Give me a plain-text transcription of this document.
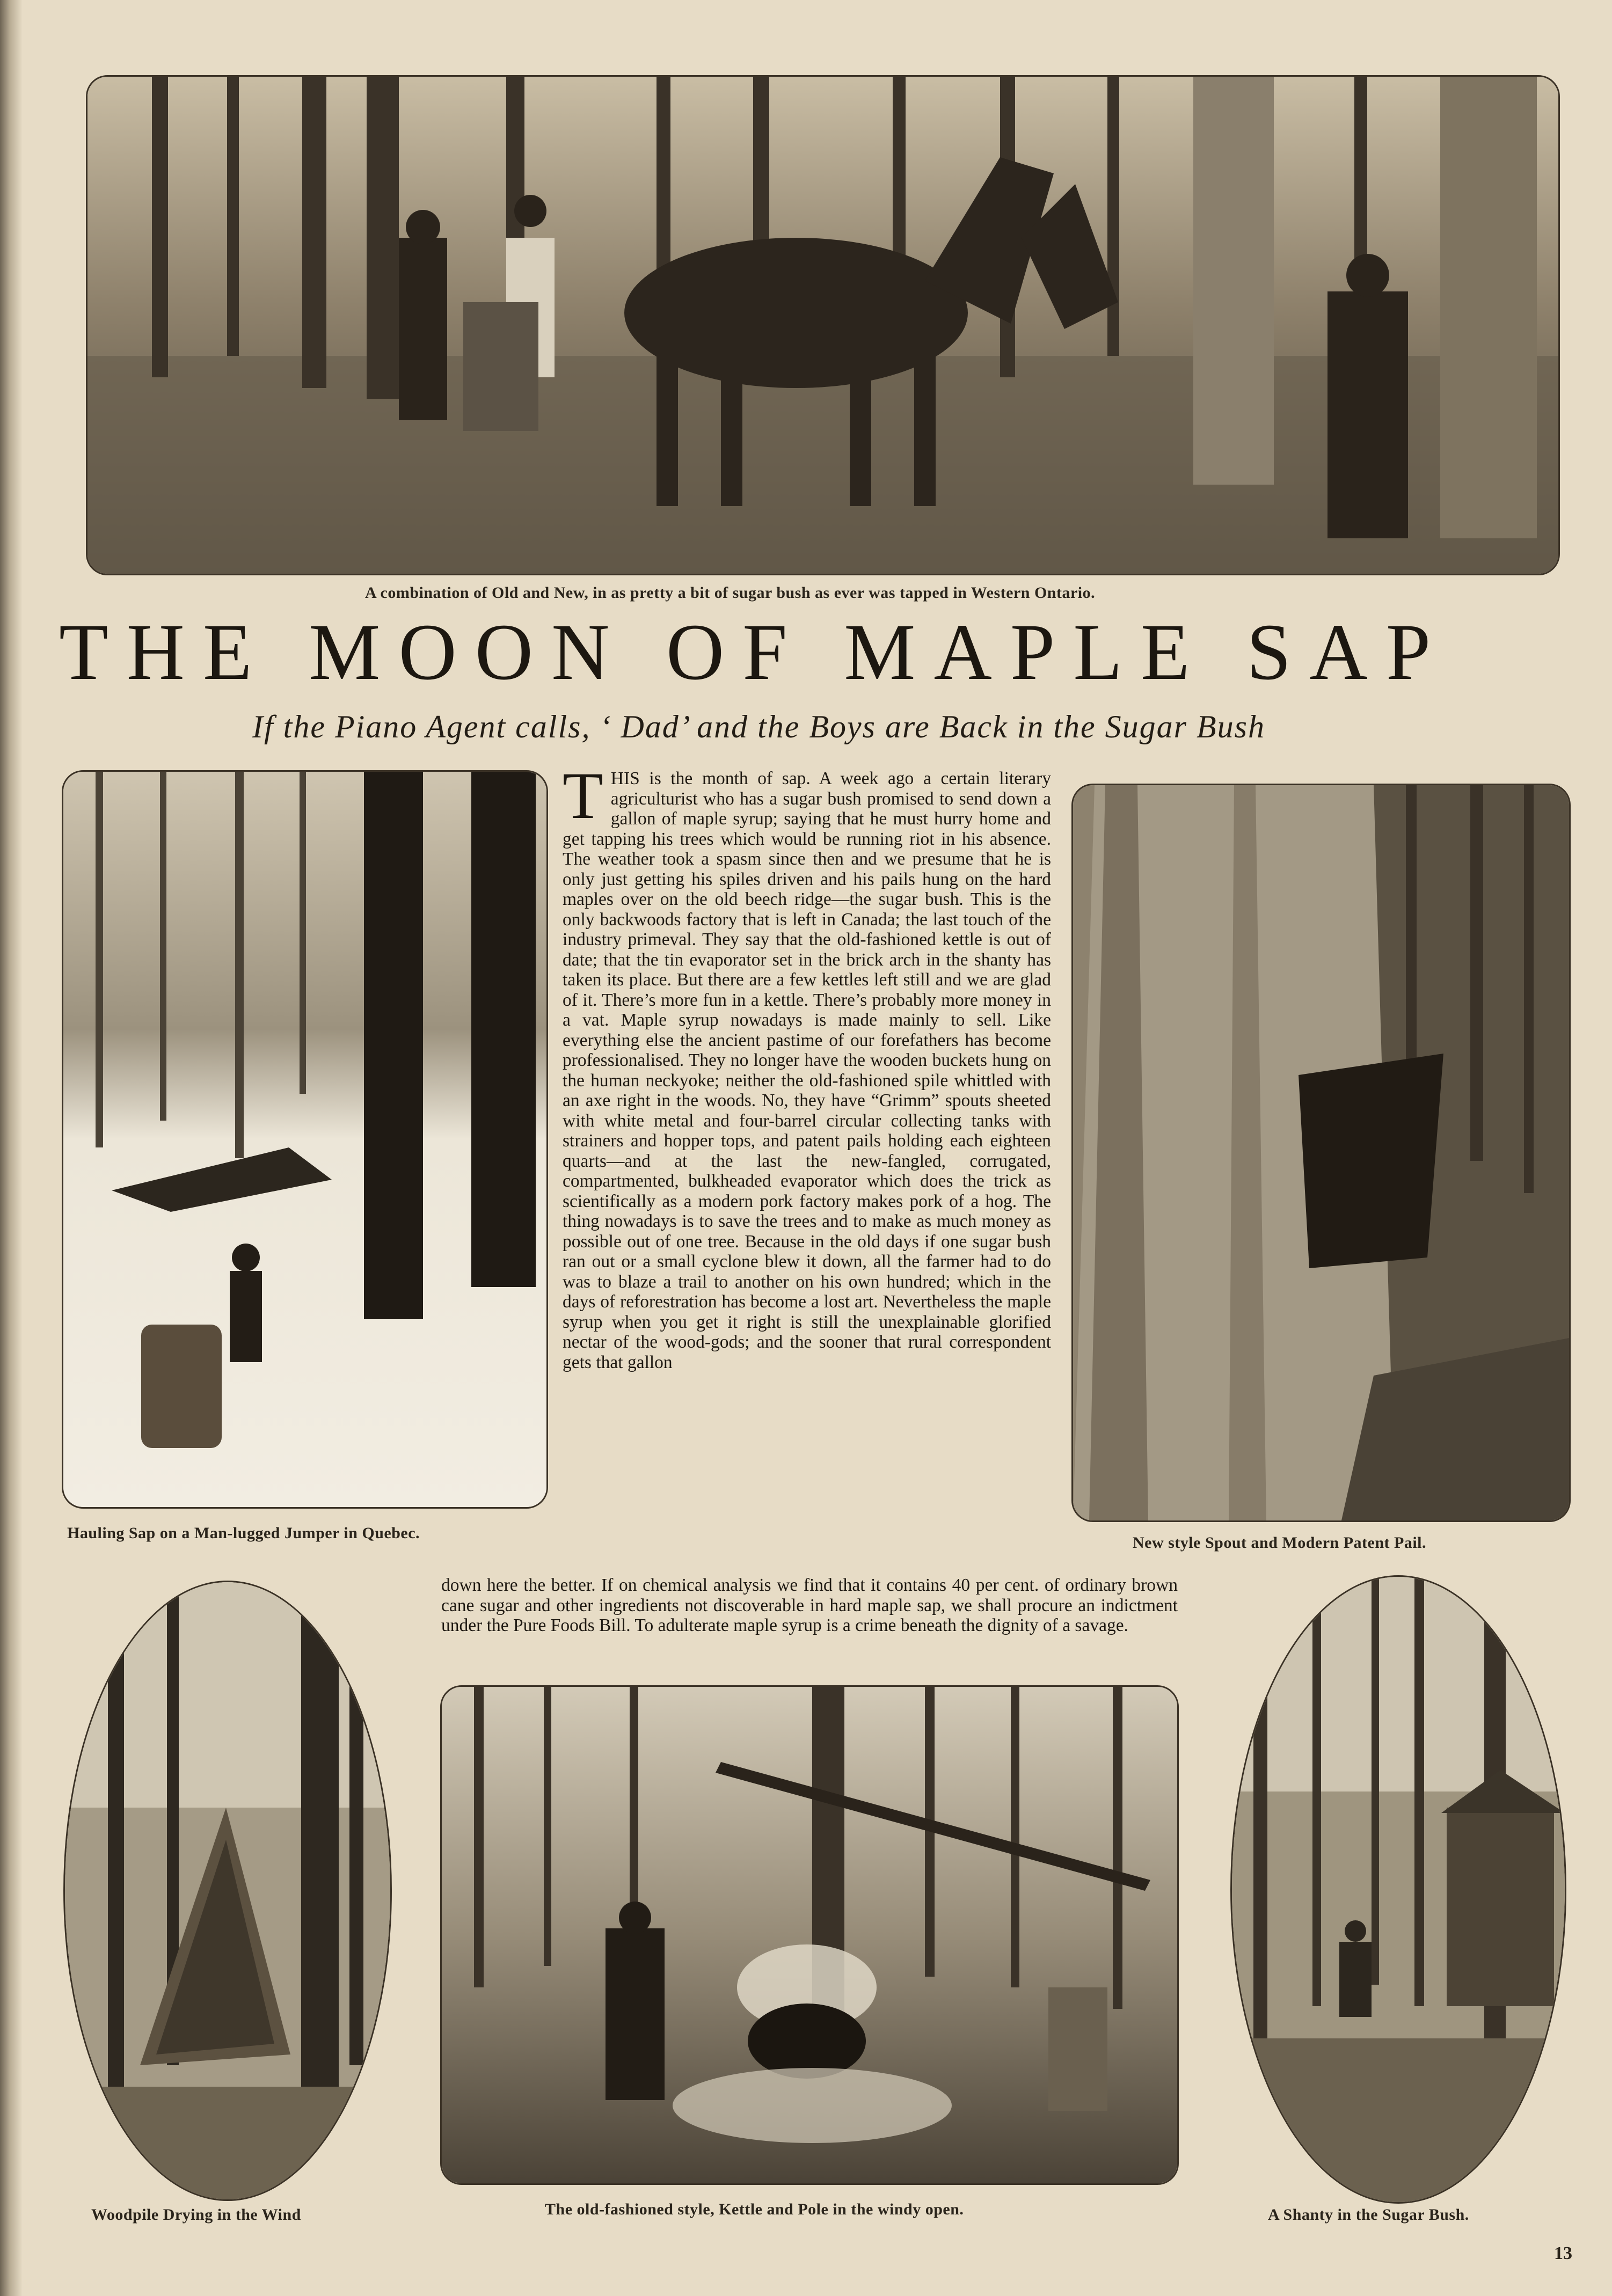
A combination of Old and New, in as pretty a bit of sugar bush as ever was tapped in Western Ontario.
THE MOON OF MAPLE SAP
If the Piano Agent calls, ‘ Dad’ and the Boys are Back in the Sugar Bush
Hauling Sap on a Man-lugged Jumper in Quebec.
THIS is the month of sap. A week ago a certain literary agriculturist who has a sugar bush promised to send down a gallon of maple syrup; saying that he must hurry home and get tapping his trees which would be running riot in his absence. The weather took a spasm since then and we presume that he is only just getting his spiles driven and his pails hung on the hard maples over on the old beech ridge—the sugar bush. This is the only backwoods factory that is left in Canada; the last touch of the industry primeval. They say that the old-fashioned kettle is out of date; that the tin evaporator set in the brick arch in the shanty has taken its place. But there are a few kettles left still and we are glad of it. There’s more fun in a kettle. There’s probably more money in a vat. Maple syrup nowadays is made mainly to sell. Like everything else the ancient pastime of our forefathers has become professionalised. They no longer have the wooden buckets hung on the human neckyoke; neither the old-fashioned spile whittled with an axe right in the woods. No, they have “Grimm” spouts sheeted with white metal and four-barrel circular collecting tanks with strainers and hopper tops, and patent pails holding each eighteen quarts—and at the last the new-fangled, corrugated, compartmented, bulkheaded evaporator which does the trick as scientifically as a modern pork factory makes pork of a hog. The thing nowadays is to save the trees and to make as much money as possible out of one tree. Because in the old days if one sugar bush ran out or a small cyclone blew it down, all the farmer had to do was to blaze a trail to another on his own hundred; which in the days of reforestration has become a lost art. Nevertheless the maple syrup when you get it right is still the unexplainable glorified nectar of the wood-gods; and the sooner that rural correspondent gets that gallon
down here the better. If on chemical analysis we find that it contains 40 per cent. of ordinary brown cane sugar and other ingredients not discoverable in hard maple sap, we shall procure an indictment under the Pure Foods Bill. To adulterate maple syrup is a crime beneath the dignity of a savage.
New style Spout and Modern Patent Pail.
Woodpile Drying in the Wind	The old-fashioned style, Kettle and Pole in the windy open.	A Shanty in the Sugar Bush.
13
